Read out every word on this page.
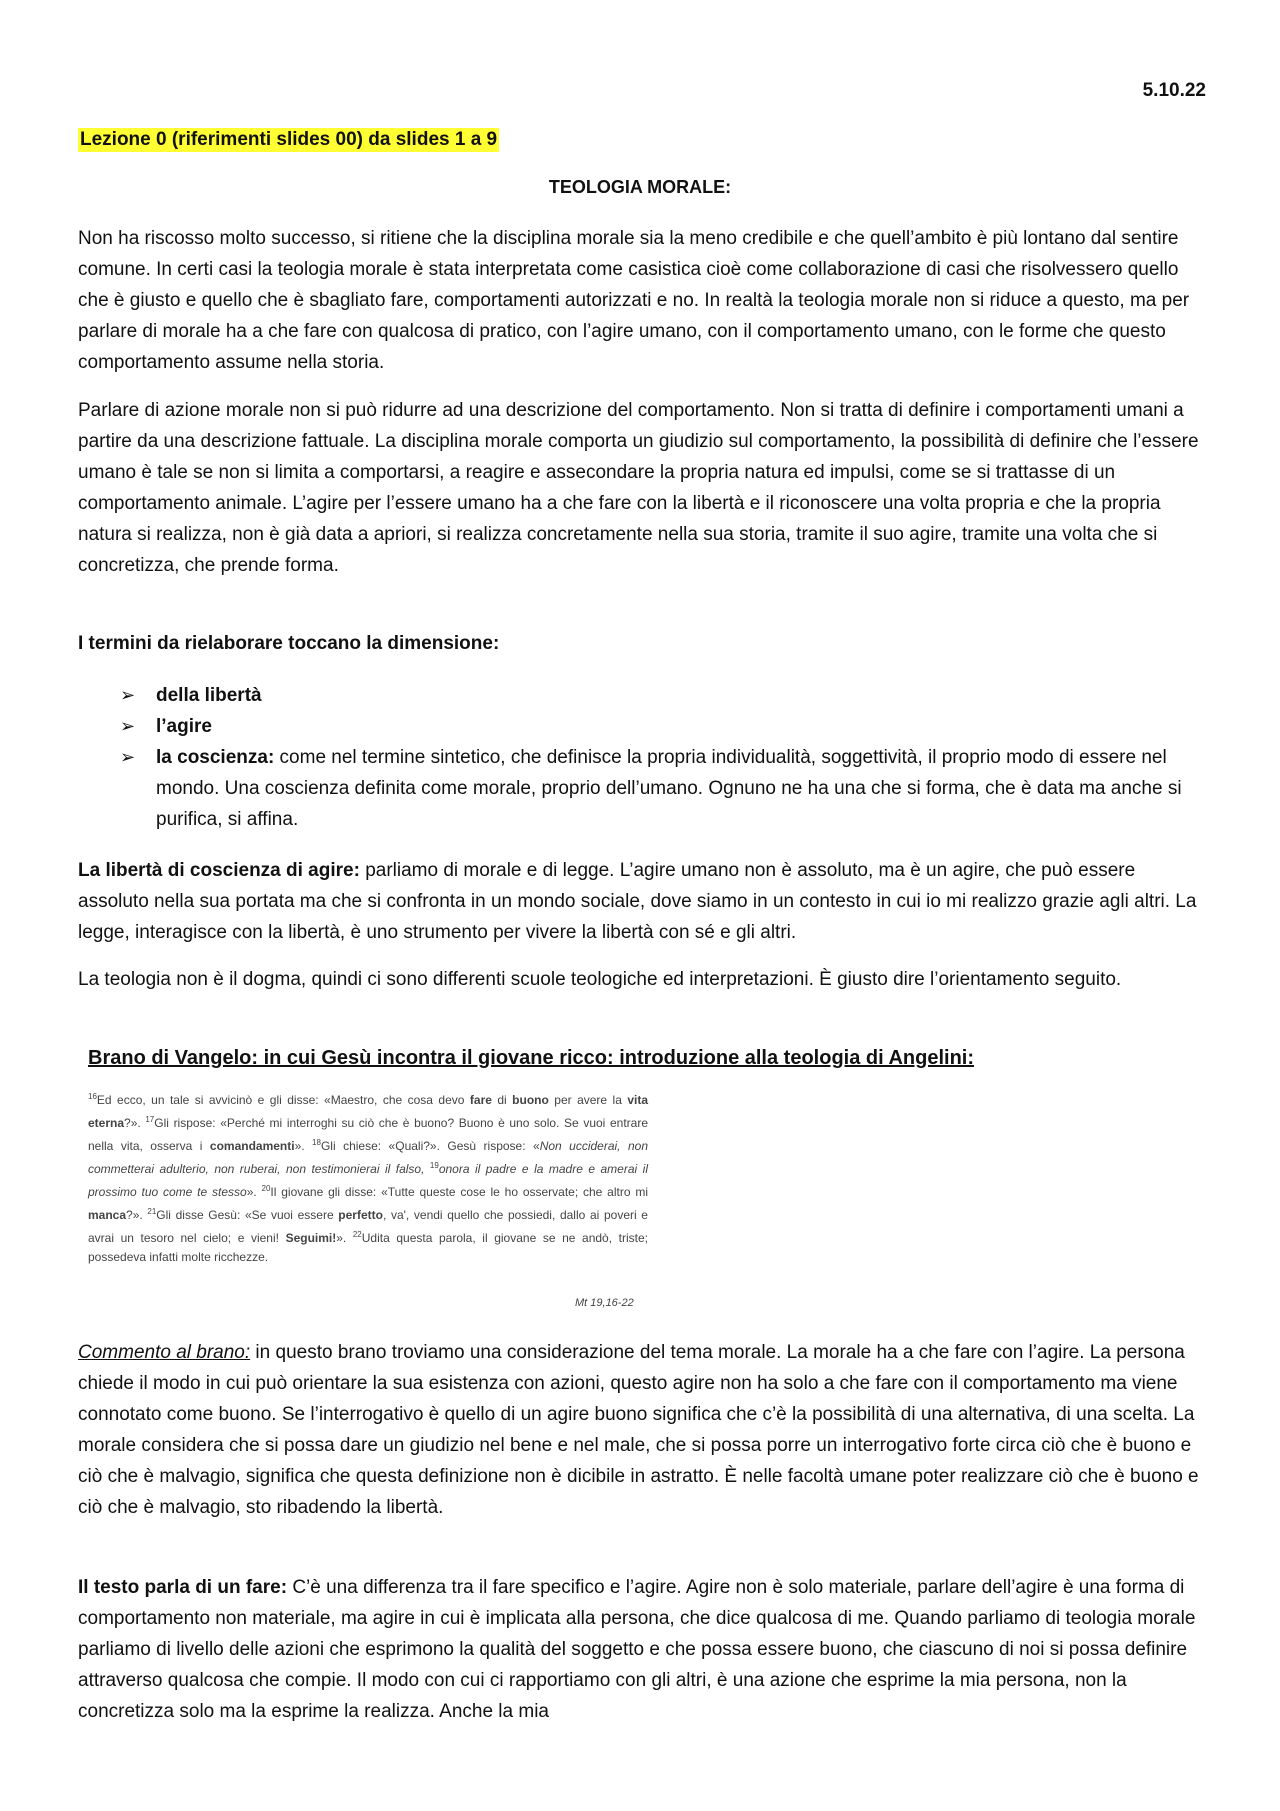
5.10.22
Lezione 0 (riferimenti slides 00) da slides 1 a 9
TEOLOGIA MORALE:

Non ha riscosso molto successo, si ritiene che la disciplina morale sia la meno credibile e che quell’ambito è più lontano dal sentire comune. In certi casi la teologia morale è stata interpretata come casistica cioè come collaborazione di casi che risolvessero quello che è giusto e quello che è sbagliato fare, comportamenti autorizzati e no. In realtà la teologia morale non si riduce a questo, ma per parlare di morale ha a che fare con qualcosa di pratico, con l’agire umano, con il comportamento umano, con le forme che questo comportamento assume nella storia.

Parlare di azione morale non si può ridurre ad una descrizione del comportamento. Non si tratta di definire i comportamenti umani a partire da una descrizione fattuale. La disciplina morale comporta un giudizio sul comportamento, la possibilità di definire che l’essere umano è tale se non si limita a comportarsi, a reagire e assecondare la propria natura ed impulsi, come se si trattasse di un comportamento animale. L’agire per l’essere umano ha a che fare con la libertà e il riconoscere una volta propria e che la propria natura si realizza, non è già data a apriori, si realizza concretamente nella sua storia, tramite il suo agire, tramite una volta che si concretizza, che prende forma.

I termini da rielaborare toccano la dimensione:
➢ della libertà
➢ l’agire
➢ la coscienza: come nel termine sintetico, che definisce la propria individualità, soggettività, il proprio modo di essere nel mondo. Una coscienza definita come morale, proprio dell’umano. Ognuno ne ha una che si forma, che è data ma anche si purifica, si affina.

La libertà di coscienza di agire: parliamo di morale e di legge. L’agire umano non è assoluto, ma è un agire, che può essere assoluto nella sua portata ma che si confronta in un mondo sociale, dove siamo in un contesto in cui io mi realizzo grazie agli altri. La legge, interagisce con la libertà, è uno strumento per vivere la libertà con sé e gli altri.

La teologia non è il dogma, quindi ci sono differenti scuole teologiche ed interpretazioni. È giusto dire l’orientamento seguito.

Brano di Vangelo: in cui Gesù incontra il giovane ricco: introduzione alla teologia di Angelini:
$^{16}$Ed ecco, un tale si avvicinò e gli disse: «Maestro, che cosa devo fare di buono per avere la vita eterna?». $^{17}$Gli rispose: «Perché mi interroghi su ciò che è buono? Buono è uno solo. Se vuoi entrare nella vita, osserva i comandamenti». $^{18}$Gli chiese: «Quali?». Gesù rispose: «Non ucciderai, non commetterai adulterio, non ruberai, non testimonierai il falso, $^{19}$onora il padre e la madre e amerai il prossimo tuo come te stesso». $^{20}$Il giovane gli disse: «Tutte queste cose le ho osservate; che altro mi manca?». $^{21}$Gli disse Gesù: «Se vuoi essere perfetto, va', vendi quello che possiedi, dallo ai poveri e avrai un tesoro nel cielo; e vieni! Seguimi!». $^{22}$Udita questa parola, il giovane se ne andò, triste; possedeva infatti molte ricchezze.
Mt 19,16-22

Commento al brano: in questo brano troviamo una considerazione del tema morale. La morale ha a che fare con l’agire. La persona chiede il modo in cui può orientare la sua esistenza con azioni, questo agire non ha solo a che fare con il comportamento ma viene connotato come buono. Se l’interrogativo è quello di un agire buono significa che c’è la possibilità di una alternativa, di una scelta. La morale considera che si possa dare un giudizio nel bene e nel male, che si possa porre un interrogativo forte circa ciò che è buono e ciò che è malvagio, significa che questa definizione non è dicibile in astratto. È nelle facoltà umane poter realizzare ciò che è buono e ciò che è malvagio, sto ribadendo la libertà.

Il testo parla di un fare: C’è una differenza tra il fare specifico e l’agire. Agire non è solo materiale, parlare dell’agire è una forma di comportamento non materiale, ma agire in cui è implicata alla persona, che dice qualcosa di me. Quando parliamo di teologia morale parliamo di livello delle azioni che esprimono la qualità del soggetto e che possa essere buono, che ciascuno di noi si possa definire attraverso qualcosa che compie. Il modo con cui ci rapportiamo con gli altri, è una azione che esprime la mia persona, non la concretizza solo ma la esprime la realizza. Anche la mia
